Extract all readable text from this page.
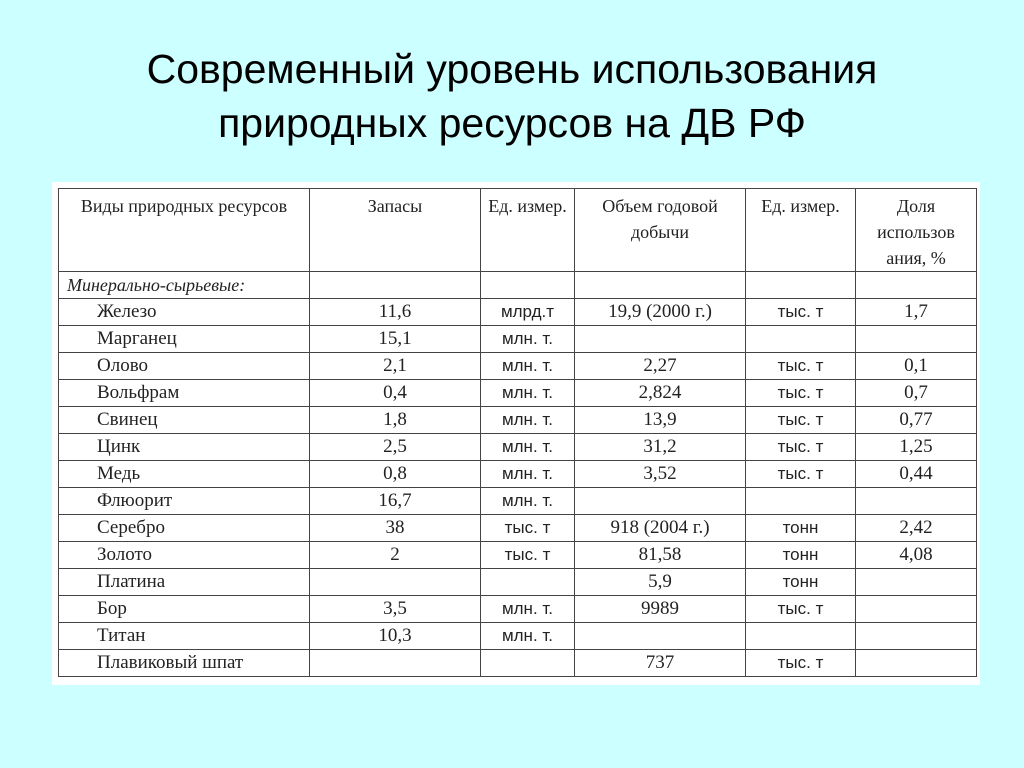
Современный уровень использования
природных ресурсов на ДВ РФ
Виды природных ресурсов	Запасы	Ед. измер.	Объем годовой добычи	Ед. измер.	Доля использов ания, %
Минерально-сырьевые:					
Железо	11,6	млрд.т	19,9 (2000 г.)	тыс. т	1,7
Марганец	15,1	млн. т.			
Олово	2,1	млн. т.	2,27	тыс. т	0,1
Вольфрам	0,4	млн. т.	2,824	тыс. т	0,7
Свинец	1,8	млн. т.	13,9	тыс. т	0,77
Цинк	2,5	млн. т.	31,2	тыс. т	1,25
Медь	0,8	млн. т.	3,52	тыс. т	0,44
Флюорит	16,7	млн. т.			
Серебро	38	тыс. т	918 (2004 г.)	тонн	2,42
Золото	2	тыс. т	81,58	тонн	4,08
Платина			5,9	тонн	
Бор	3,5	млн. т.	9989	тыс. т	
Титан	10,3	млн. т.			
Плавиковый шпат			737	тыс. т	
